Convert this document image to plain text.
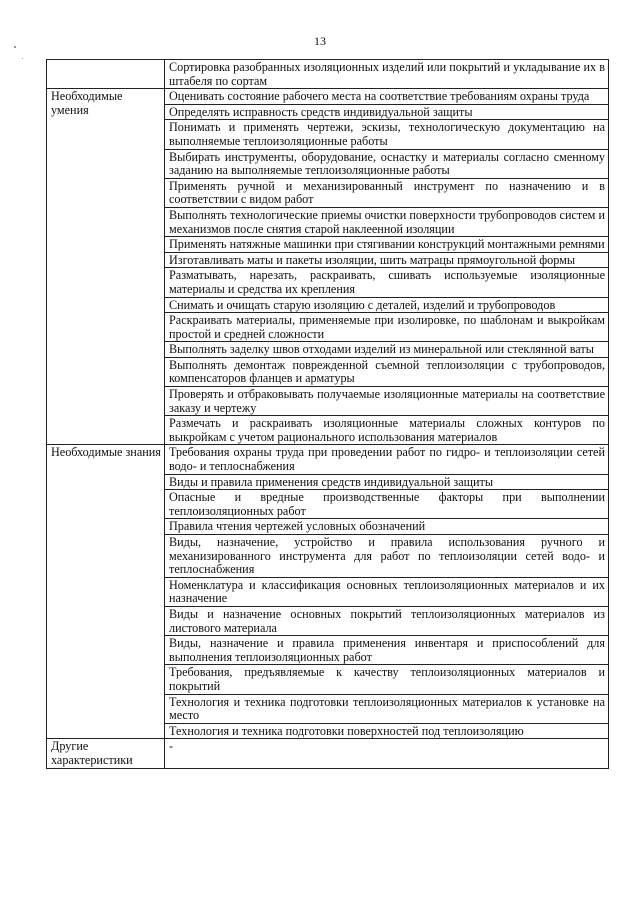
13
	Сортировка разобранных изоляционных изделий или покрытий и укладывание их в штабеля по сортам
Необходимые умения	Оценивать состояние рабочего места на соответствие требованиям охраны труда
	Определять исправность средств индивидуальной защиты
	Понимать и применять чертежи, эскизы, технологическую документацию на выполняемые теплоизоляционные работы
	Выбирать инструменты, оборудование, оснастку и материалы согласно сменному заданию на выполняемые теплоизоляционные работы
	Применять ручной и механизированный инструмент по назначению и в соответствии с видом работ
	Выполнять технологические приемы очистки поверхности трубопроводов систем и механизмов после снятия старой наклеенной изоляции
	Применять натяжные машинки при стягивании конструкций монтажными ремнями
	Изготавливать маты и пакеты изоляции, шить матрацы прямоугольной формы
	Разматывать, нарезать, раскраивать, сшивать используемые изоляционные материалы и средства их крепления
	Снимать и очищать старую изоляцию с деталей, изделий и трубопроводов
	Раскраивать материалы, применяемые при изолировке, по шаблонам и выкройкам простой и средней сложности
	Выполнять заделку швов отходами изделий из минеральной или стеклянной ваты
	Выполнять демонтаж поврежденной съемной теплоизоляции с трубопроводов, компенсаторов фланцев и арматуры
	Проверять и отбраковывать получаемые изоляционные материалы на соответствие заказу и чертежу
	Размечать и раскраивать изоляционные материалы сложных контуров по выкройкам с учетом рационального использования материалов
Необходимые знания	Требования охраны труда при проведении работ по гидро- и теплоизоляции сетей водо- и теплоснабжения
	Виды и правила применения средств индивидуальной защиты
	Опасные и вредные производственные факторы при выполнении теплоизоляционных работ
	Правила чтения чертежей условных обозначений
	Виды, назначение, устройство и правила использования ручного и механизированного инструмента для работ по теплоизоляции сетей водо- и теплоснабжения
	Номенклатура и классификация основных теплоизоляционных материалов и их назначение
	Виды и назначение основных покрытий теплоизоляционных материалов из листового материала
	Виды, назначение и правила применения инвентаря и приспособлений для выполнения теплоизоляционных работ
	Требования, предъявляемые к качеству теплоизоляционных материалов и покрытий
	Технология и техника подготовки теплоизоляционных материалов к установке на место
	Технология и техника подготовки поверхностей под теплоизоляцию
Другие характеристики	-
